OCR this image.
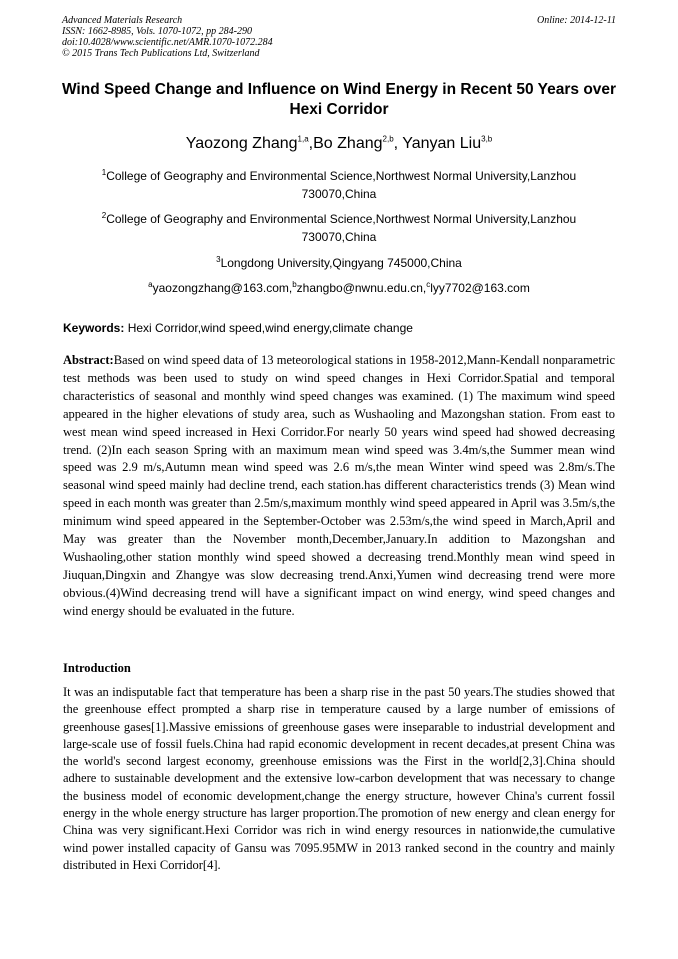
Advanced Materials Research
ISSN: 1662-8985, Vols. 1070-1072, pp 284-290
doi:10.4028/www.scientific.net/AMR.1070-1072.284
© 2015 Trans Tech Publications Ltd, Switzerland
Online: 2014-12-11
Wind Speed Change and Influence on Wind Energy in Recent 50 Years over Hexi Corridor
Yaozong Zhang$^{1,a}$,Bo Zhang$^{2,b}$, Yanyan Liu$^{3,b}$
$^1$College of Geography and Environmental Science,Northwest Normal University,Lanzhou 730070,China
$^2$College of Geography and Environmental Science,Northwest Normal University,Lanzhou 730070,China
$^3$Longdong University,Qingyang 745000,China
$^a$yaozongzhang@163.com,$^b$zhangbo@nwnu.edu.cn,$^c$lyy7702@163.com
Keywords: Hexi Corridor,wind speed,wind energy,climate change
Abstract:Based on wind speed data of 13 meteorological stations in 1958-2012,Mann-Kendall nonparametric test methods was been used to study on wind speed changes in Hexi Corridor.Spatial and temporal characteristics of seasonal and monthly wind speed changes was examined. (1) The maximum wind speed appeared in the higher elevations of study area, such as Wushaoling and Mazongshan station. From east to west mean wind speed increased in Hexi Corridor.For nearly 50 years wind speed had showed decreasing trend. (2)In each season Spring with an maximum mean wind speed was 3.4m/s,the Summer mean wind speed was 2.9 m/s,Autumn mean wind speed was 2.6 m/s,the mean Winter wind speed was 2.8m/s.The seasonal wind speed mainly had decline trend, each station.has different characteristics trends (3) Mean wind speed in each month was greater than 2.5m/s,maximum monthly wind speed appeared in April was 3.5m/s,the minimum wind speed appeared in the September-October was 2.53m/s,the wind speed in March,April and May was greater than the November month,December,January.In addition to Mazongshan and Wushaoling,other station monthly wind speed showed a decreasing trend.Monthly mean wind speed in Jiuquan,Dingxin and Zhangye was slow decreasing trend.Anxi,Yumen wind decreasing trend were more obvious.(4)Wind decreasing trend will have a significant impact on wind energy, wind speed changes and wind energy should be evaluated in the future.
Introduction
It was an indisputable fact that temperature has been a sharp rise in the past 50 years.The studies showed that the greenhouse effect prompted a sharp rise in temperature caused by a large number of emissions of greenhouse gases[1].Massive emissions of greenhouse gases were inseparable to industrial development and large-scale use of fossil fuels.China had rapid economic development in recent decades,at present China was the world's second largest economy, greenhouse emissions was the First in the world[2,3].China should adhere to sustainable development and the extensive low-carbon development that was necessary to change the business model of economic development,change the energy structure, however China's current fossil energy in the whole energy structure has larger proportion.The promotion of new energy and clean energy for China was very significant.Hexi Corridor was rich in wind energy resources in nationwide,the cumulative wind power installed capacity of Gansu was 7095.95MW in 2013 ranked second in the country and mainly distributed in Hexi Corridor[4].
